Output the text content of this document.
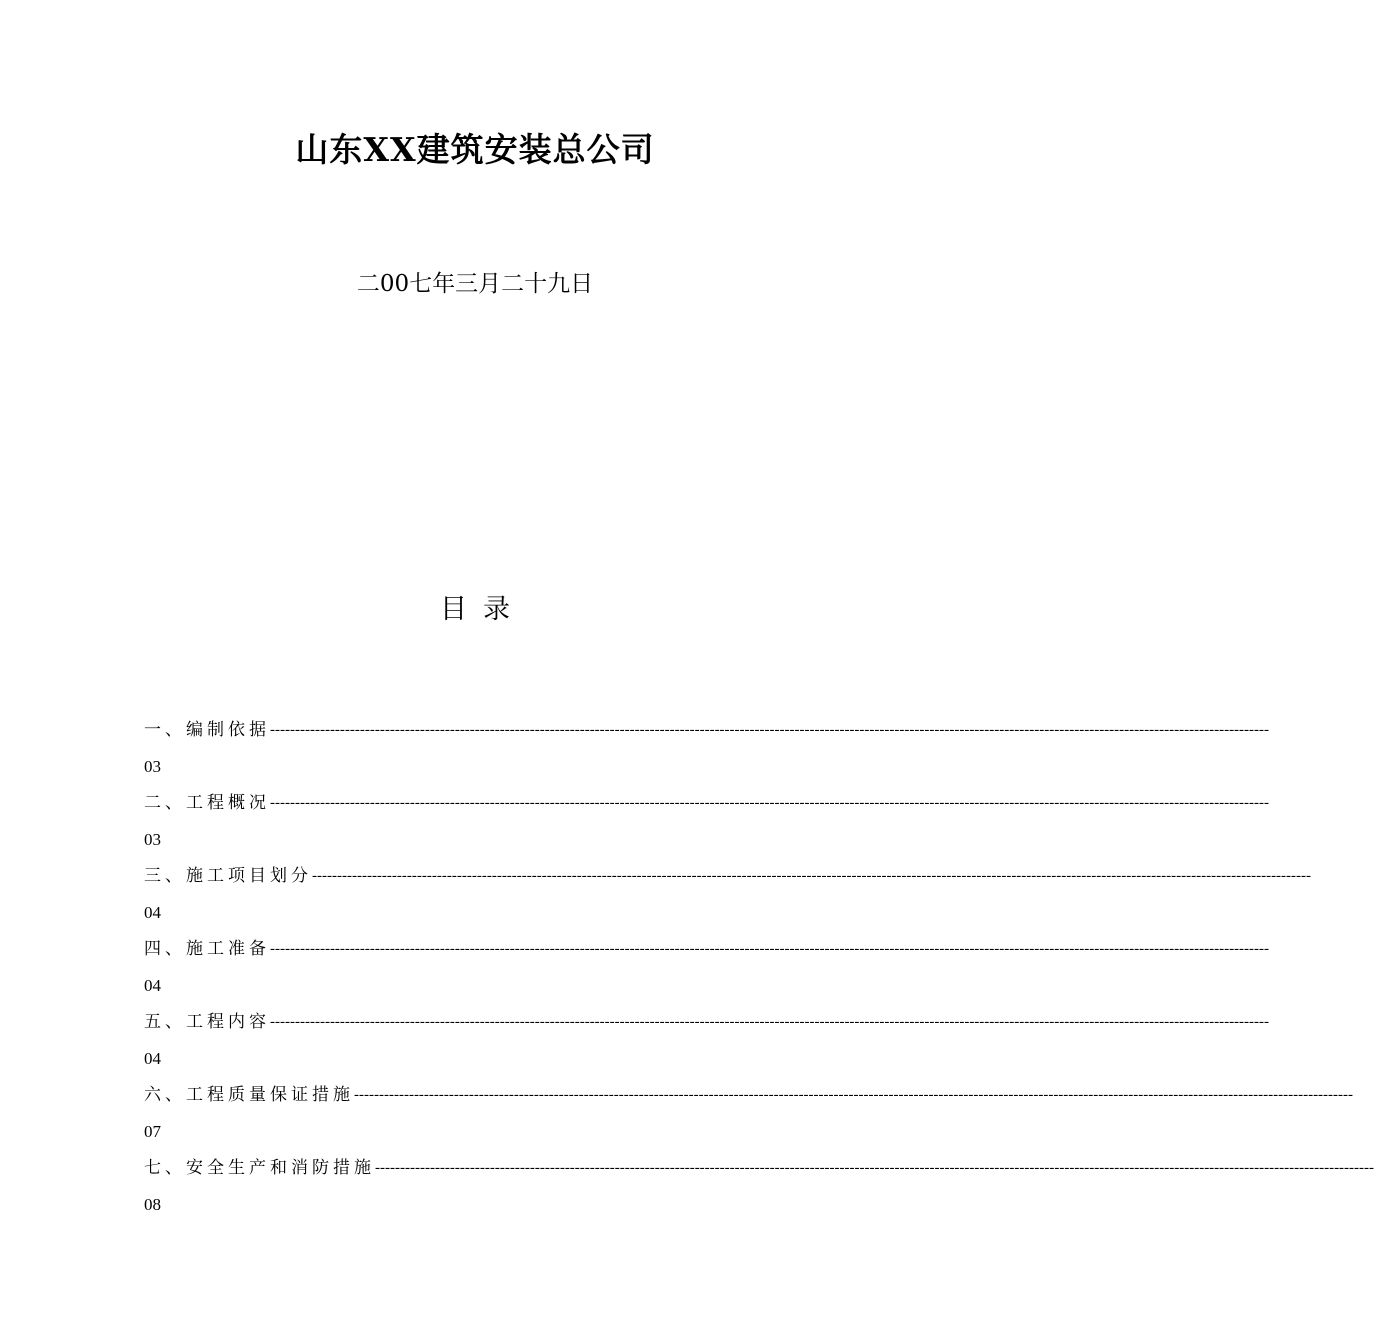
山东XX建筑安装总公司
二00七年三月二十九日
目录
一、 编制依据 --------------------------------------------------------------------------------------------------------------------------------------------------------------------------------------------------------
03
二、 工程概况 --------------------------------------------------------------------------------------------------------------------------------------------------------------------------------------------------------
03
三、 施工项目划分 --------------------------------------------------------------------------------------------------------------------------------------------------------------------------------------------------------
04
四、 施工准备 --------------------------------------------------------------------------------------------------------------------------------------------------------------------------------------------------------
04
五、 工程内容 --------------------------------------------------------------------------------------------------------------------------------------------------------------------------------------------------------
04
六、 工程质量保证措施 --------------------------------------------------------------------------------------------------------------------------------------------------------------------------------------------------------
07
七、 安全生产和消防措施 --------------------------------------------------------------------------------------------------------------------------------------------------------------------------------------------------------
08
